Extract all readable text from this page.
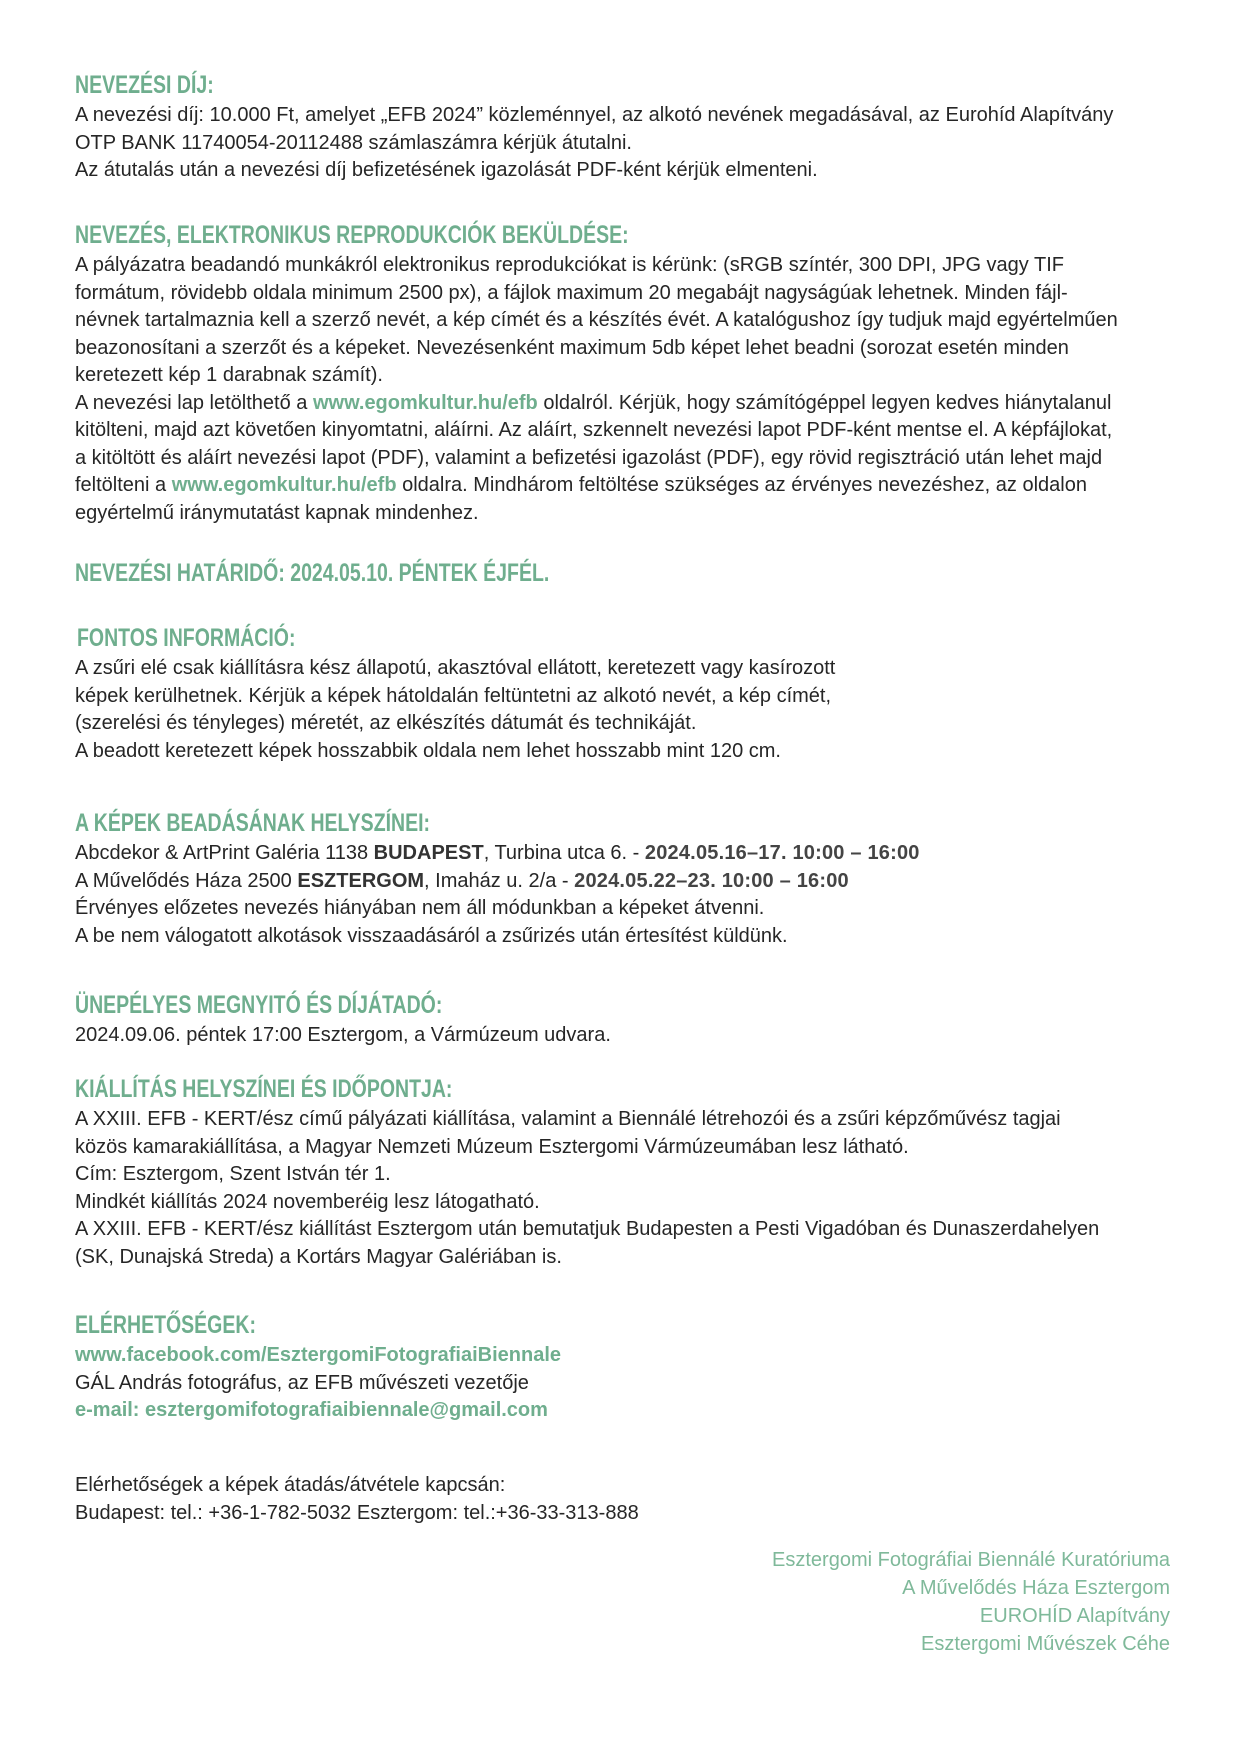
NEVEZÉSI DÍJ:

A nevezési díj: 10.000 Ft, amelyet „EFB 2024” közleménnyel, az alkotó nevének megadásával, az Eurohíd Alapítvány
OTP BANK 11740054-20112488 számlaszámra kérjük átutalni.
Az átutalás után a nevezési díj befizetésének igazolását PDF-ként kérjük elmenteni.

NEVEZÉS, ELEKTRONIKUS REPRODUKCIÓK BEKÜLDÉSE:

A pályázatra beadandó munkákról elektronikus reprodukciókat is kérünk: (sRGB színtér, 300 DPI, JPG vagy TIF
formátum, rövidebb oldala minimum 2500 px), a fájlok maximum 20 megabájt nagyságúak lehetnek. Minden fájl-
névnek tartalmaznia kell a szerző nevét, a kép címét és a készítés évét. A katalógushoz így tudjuk majd egyértelműen
beazonosítani a szerzőt és a képeket. Nevezésenként maximum 5db képet lehet beadni (sorozat esetén minden
keretezett kép 1 darabnak számít).

A nevezési lap letölthető a www.egomkultur.hu/efb oldalról. Kérjük, hogy számítógéppel legyen kedves hiánytalanul
kitölteni, majd azt követően kinyomtatni, aláírni. Az aláírt, szkennelt nevezési lapot PDF-ként mentse el. A képfájlokat,
a kitöltött és aláírt nevezési lapot (PDF), valamint a befizetési igazolást (PDF), egy rövid regisztráció után lehet majd
feltölteni a www.egomkultur.hu/efb oldalra. Mindhárom feltöltése szükséges az érvényes nevezéshez, az oldalon
egyértelmű iránymutatást kapnak mindenhez.

NEVEZÉSI HATÁRIDŐ: 2024.05.10. PÉNTEK ÉJFÉL.
FONTOS INFORMÁCIÓ:

A zsűri elé csak kiállításra kész állapotú, akasztóval ellátott, keretezett vagy kasírozott
képek kerülhetnek. Kérjük a képek hátoldalán feltüntetni az alkotó nevét, a kép címét,
(szerelési és tényleges) méretét, az elkészítés dátumát és technikáját.
A beadott keretezett képek hosszabbik oldala nem lehet hosszabb mint 120 cm.

A KÉPEK BEADÁSÁNAK HELYSZÍNEI:

Abcdekor & ArtPrint Galéria 1138 BUDAPEST, Turbina utca 6. - 2024.05.16–17. 10:00 – 16:00
A Művelődés Háza 2500 ESZTERGOM, Imaház u. 2/a - 2024.05.22–23. 10:00 – 16:00
Érvényes előzetes nevezés hiányában nem áll módunkban a képeket átvenni.
A be nem válogatott alkotások visszaadásáról a zsűrizés után értesítést küldünk.

ÜNEPÉLYES MEGNYITÓ ÉS DÍJÁTADÓ:

2024.09.06. péntek 17:00 Esztergom, a Vármúzeum udvara.

KIÁLLÍTÁS HELYSZÍNEI ÉS IDŐPONTJA:

A XXIII. EFB - KERT/ész című pályázati kiállítása, valamint a Biennálé létrehozói és a zsűri képzőművész tagjai
közös kamarakiállítása, a Magyar Nemzeti Múzeum Esztergomi Vármúzeumában lesz látható.
Cím: Esztergom, Szent István tér 1.
Mindkét kiállítás 2024 novemberéig lesz látogatható.
A XXIII. EFB - KERT/ész kiállítást Esztergom után bemutatjuk Budapesten a Pesti Vigadóban és Dunaszerdahelyen
(SK, Dunajská Streda) a Kortárs Magyar Galériában is.

ELÉRHETŐSÉGEK:

www.facebook.com/EsztergomiFotografiaiBiennale
GÁL András fotográfus, az EFB művészeti vezetője
e-mail: esztergomifotografiaibiennale@gmail.com

Elérhetőségek a képek átadás/átvétele kapcsán:
Budapest: tel.: +36-1-782-5032 Esztergom: tel.:+36-33-313-888

Esztergomi Fotográfiai Biennálé Kuratóriuma
A Művelődés Háza Esztergom
EUROHÍD Alapítvány
Esztergomi Művészek Céhe
